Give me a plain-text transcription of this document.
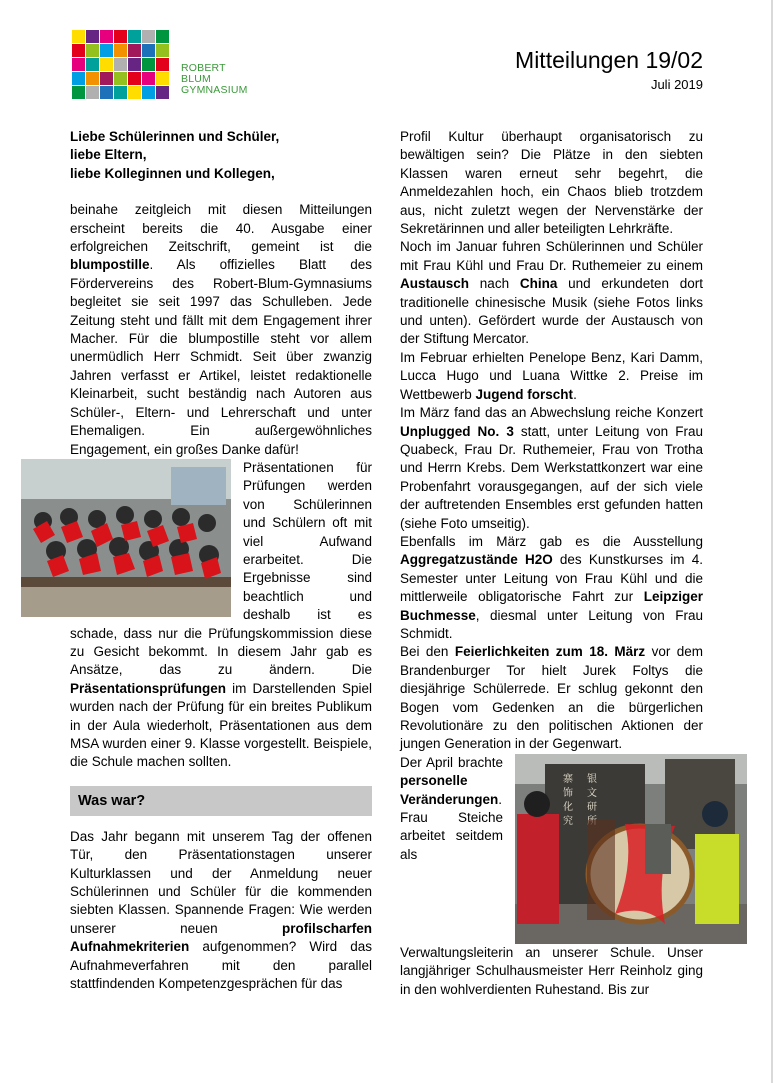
ROBERT
BLUM
GYMNASIUM
Mitteilungen 19/02
Juli 2019

Liebe Schülerinnen und Schüler,
liebe Eltern,
liebe Kolleginnen und Kollegen,

beinahe zeitgleich mit diesen Mitteilungen erscheint bereits die 40. Ausgabe einer erfolgreichen Zeitschrift, gemeint ist die blumpostille. Als offizielles Blatt des Fördervereins des Robert-Blum-Gymnasiums begleitet sie seit 1997 das Schulleben. Jede Zeitung steht und fällt mit dem Engagement ihrer Macher. Für die blumpostille steht vor allem unermüdlich Herr Schmidt. Seit über zwanzig Jahren verfasst er Artikel, leistet redaktionelle Kleinarbeit, sucht beständig nach Autoren aus Schüler-, Eltern- und Lehrerschaft und unter Ehemaligen. Ein außergewöhnliches Engagement, ein großes Danke dafür!

Präsentationen für Prüfungen werden von Schülerinnen und Schülern oft mit viel Aufwand erarbeitet. Die Ergebnisse sind beachtlich und deshalb ist es schade, dass nur die Prüfungskommission diese zu Gesicht bekommt. In diesem Jahr gab es Ansätze, das zu ändern. Die Präsentationsprüfungen im Darstellenden Spiel wurden nach der Prüfung für ein breites Publikum in der Aula wiederholt, Präsentationen aus dem MSA wurden einer 9. Klasse vorgestellt. Beispiele, die Schule machen sollten.

Was war?

Das Jahr begann mit unserem Tag der offenen Tür, den Präsentationstagen unserer Kulturklassen und der Anmeldung neuer Schülerinnen und Schüler für die kommenden siebten Klassen. Spannende Fragen: Wie werden unserer neuen profilscharfen Aufnahmekriterien aufgenommen? Wird das Aufnahmeverfahren mit den parallel stattfindenden Kompetenzgesprächen für das

Profil Kultur überhaupt organisatorisch zu bewältigen sein? Die Plätze in den siebten Klassen waren erneut sehr begehrt, die Anmeldezahlen hoch, ein Chaos blieb trotzdem aus, nicht zuletzt wegen der Nervenstärke der Sekretärinnen und aller beteiligten Lehrkräfte.

Noch im Januar fuhren Schülerinnen und Schüler mit Frau Kühl und Frau Dr. Ruthemeier zu einem Austausch nach China und erkundeten dort traditionelle chinesische Musik (siehe Fotos links und unten). Gefördert wurde der Austausch von der Stiftung Mercator.

Im Februar erhielten Penelope Benz, Kari Damm, Lucca Hugo und Luana Wittke 2. Preise im Wettbewerb Jugend forscht.

Im März fand das an Abwechslung reiche Konzert Unplugged No. 3 statt, unter Leitung von Frau Quabeck, Frau Dr. Ruthemeier, Frau von Trotha und Herrn Krebs. Dem Werkstattkonzert war eine Probenfahrt vorausgegangen, auf der sich viele der auftretenden Ensembles erst gefunden hatten (siehe Foto umseitig).

Ebenfalls im März gab es die Ausstellung Aggregatzustände H2O des Kunstkurses im 4. Semester unter Leitung von Frau Kühl und die mittlerweile obligatorische Fahrt zur Leipziger Buchmesse, diesmal unter Leitung von Frau Schmidt.

Bei den Feierlichkeiten zum 18. März vor dem Brandenburger Tor hielt Jurek Foltys die diesjährige Schülerrede. Er schlug gekonnt den Bogen vom Gedenken an die bürgerlichen Revolutionäre zu den politischen Aktionen der jungen Generation in der Gegenwart.

寨 银饰 文化 研究
Der April brachte personelle Veränderungen. Frau Steiche arbeitet seitdem als Verwaltungsleiterin an unserer Schule. Unser langjähriger Schulhausmeister Herr Reinholz ging in den wohlverdienten Ruhestand. Bis zur
